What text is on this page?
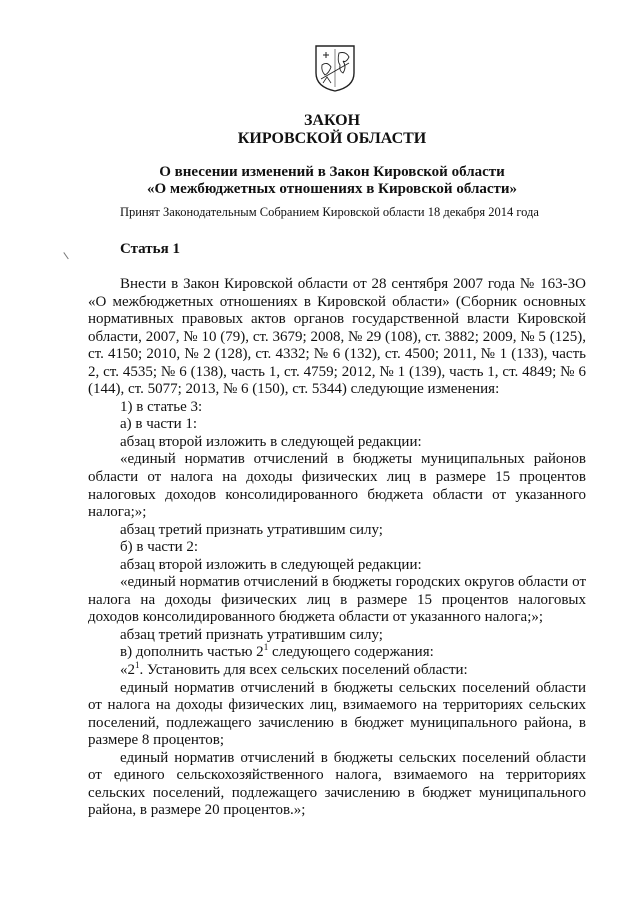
ЗАКОН
КИРОВСКОЙ ОБЛАСТИ
О внесении изменений в Закон Кировской области
«О межбюджетных отношениях в Кировской области»
Принят Законодательным Собранием Кировской области 18 декабря 2014 года
Статья 1

Внести в Закон Кировской области от 28 сентября 2007 года № 163-ЗО «О межбюджетных отношениях в Кировской области» (Сборник основных нормативных правовых актов органов государственной власти Кировской области, 2007, № 10 (79), ст. 3679; 2008, № 29 (108), ст. 3882; 2009, № 5 (125), ст. 4150; 2010, № 2 (128), ст. 4332; № 6 (132), ст. 4500; 2011, № 1 (133), часть 2, ст. 4535; № 6 (138), часть 1, ст. 4759; 2012, № 1 (139), часть 1, ст. 4849; № 6 (144), ст. 5077; 2013, № 6 (150), ст. 5344) следующие изменения:

1) в статье 3:

а) в части 1:

абзац второй изложить в следующей редакции:

«единый норматив отчислений в бюджеты муниципальных районов области от налога на доходы физических лиц в размере 15 процентов налоговых доходов консолидированного бюджета области от указанного налога;»;

абзац третий признать утратившим силу;

б) в части 2:

абзац второй изложить в следующей редакции:

«единый норматив отчислений в бюджеты городских округов области от налога на доходы физических лиц в размере 15 процентов налоговых доходов консолидированного бюджета области от указанного налога;»;

абзац третий признать утратившим силу;

в) дополнить частью $2^1$ следующего содержания:

«$2^1$. Установить для всех сельских поселений области:

единый норматив отчислений в бюджеты сельских поселений области от налога на доходы физических лиц, взимаемого на территориях сельских поселений, подлежащего зачислению в бюджет муниципального района, в размере 8 процентов;

единый норматив отчислений в бюджеты сельских поселений области от единого сельскохозяйственного налога, взимаемого на территориях сельских поселений, подлежащего зачислению в бюджет муниципального района, в размере 20 процентов.»;
